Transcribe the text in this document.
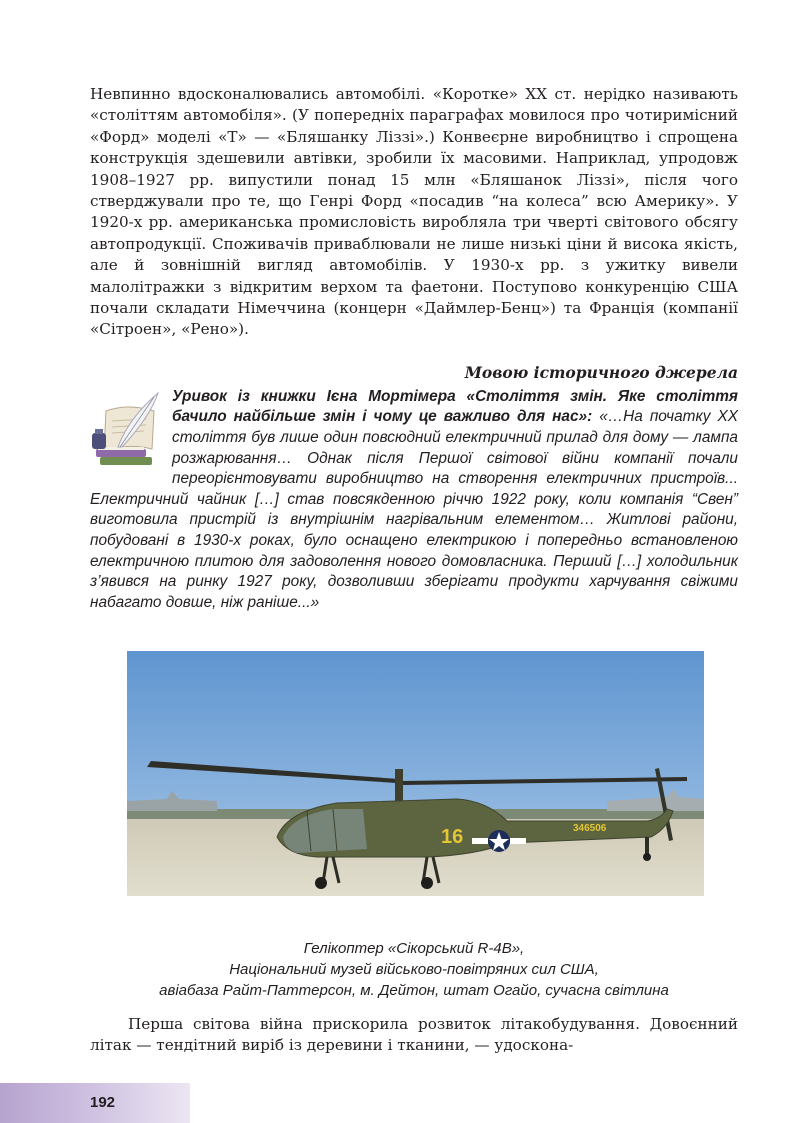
Невпинно вдосконалювались автомобілі. «Коротке» XX ст. нерідко називають «століттям автомобіля». (У попередніх параграфах мовилося про чотиримісний «Форд» моделі «Т» — «Бляшанку Ліззі».) Конвеєрне виробництво і спрощена конструкція здешевили автівки, зробили їх масовими. Наприклад, упродовж 1908–1927 рр. випустили понад 15 млн «Бляшанок Ліззі», після чого стверджували про те, що Генрі Форд «посадив “на колеса” всю Америку». У 1920-х рр. американська промисловість виробляла три чверті світового обсягу автопродукції. Споживачів приваблювали не лише низькі ціни й висока якість, але й зовнішній вигляд автомобілів. У 1930-х рр. з ужитку вивели малолітражки з відкритим верхом та фаетони. Поступово конкуренцію США почали складати Німеччина (концерн «Даймлер-Бенц») та Франція (компанії «Сітроен», «Рено»).

Мовою історичного джерела
Уривок із книжки Ієна Мортімера «Століття змін. Яке століття бачило найбільше змін і чому це важливо для нас»: «…На початку XX століття був лише один повсюдний електричний прилад для дому — лампа розжарювання… Однак після Першої світової війни компанії почали переорієнтовувати виробництво на створення електричних пристроїв... Електричний чайник […] став повсякденною річчю 1922 року, коли компанія “Свен” виготовила пристрій із внутрішнім нагрівальним елементом… Житлові райони, побудовані в 1930-х роках, було оснащено електрикою і попередньо встановленою електричною плитою для задоволення нового домовласника. Перший […] холодильник з’явився на ринку 1927 року, дозволивши зберігати продукти харчування свіжими набагато довше, ніж раніше...»
16	346506
Гелікоптер «Сікорський R-4B»,
Національний музей військово-повітряних сил США,
авіабаза Райт-Паттерсон, м. Дейтон, штат Огайо, сучасна світлина

Перша світова війна прискорила розвиток літакобудування. Довоєнний літак — тендітний виріб із деревини і тканини, — удоскона-

192
